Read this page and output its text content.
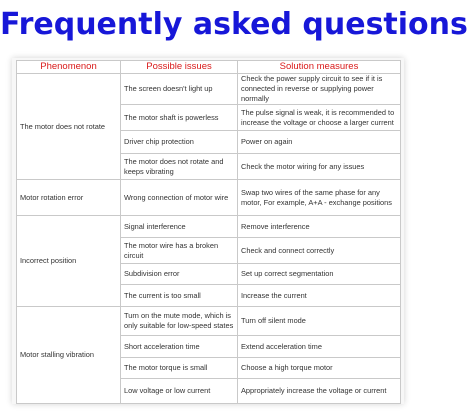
Frequently asked questions
Phenomenon	Possible issues	Solution measures
The motor does not rotate	The screen doesn't light up	Check the power supply circuit to see if it is connected in reverse or supplying power normally
	The motor shaft is powerless	The pulse signal is weak, it is recommended to increase the voltage or choose a larger current
	Driver chip protection	Power on again
	The motor does not rotate and keeps vibrating	Check the motor wiring for any issues
Motor rotation error	Wrong connection of motor wire	Swap two wires of the same phase for any motor, For example, A+A - exchange positions
Incorrect position	Signal interference	Remove interference
	The motor wire has a broken circuit	Check and connect correctly
	Subdivision error	Set up correct segmentation
	The current is too small	Increase the current
Motor stalling vibration	Turn on the mute mode, which is only suitable for low-speed states	Turn off silent mode
	Short acceleration time	Extend acceleration time
	The motor torque is small	Choose a high torque motor
	Low voltage or low current	Appropriately increase the voltage or current
